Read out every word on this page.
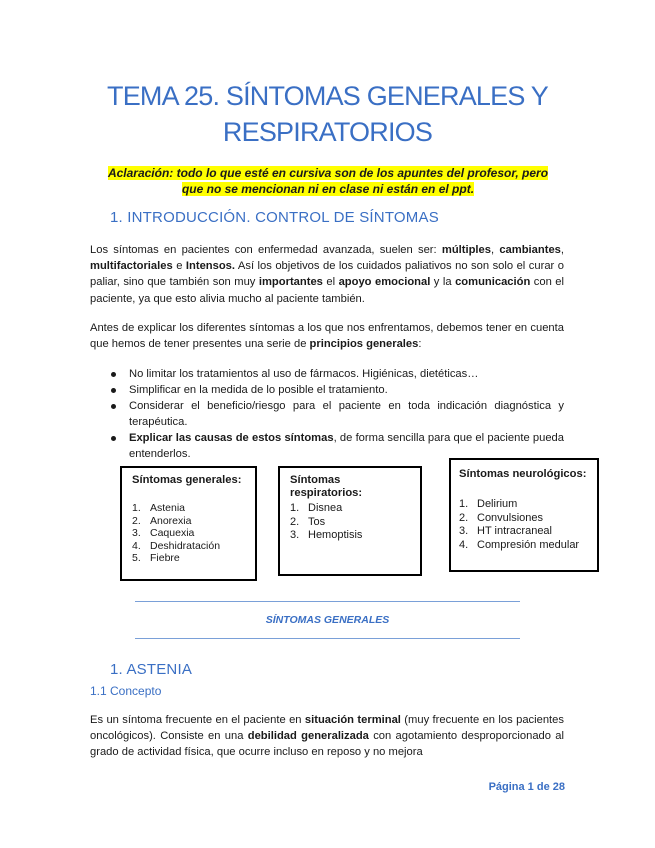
TEMA 25. SÍNTOMAS GENERALES Y
RESPIRATORIOS
Aclaración: todo lo que esté en cursiva son de los apuntes del profesor, pero
que no se mencionan ni en clase ni están en el ppt.
1. INTRODUCCIÓN. CONTROL DE SÍNTOMAS
Los síntomas en pacientes con enfermedad avanzada, suelen ser: múltiples, cambiantes, multifactoriales e Intensos. Así los objetivos de los cuidados paliativos no son solo el curar o paliar, sino que también son muy importantes el apoyo emocional y la comunicación con el paciente, ya que esto alivia mucho al paciente también.
Antes de explicar los diferentes síntomas a los que nos enfrentamos, debemos tener en cuenta que hemos de tener presentes una serie de principios generales:
No limitar los tratamientos al uso de fármacos. Higiénicas, dietéticas…
Simplificar en la medida de lo posible el tratamiento.
Considerar el beneficio/riesgo para el paciente en toda indicación diagnóstica y terapéutica.
Explicar las causas de estos síntomas, de forma sencilla para que el paciente pueda entenderlos.
Síntomas generales:
1. Astenia
2. Anorexia
3. Caquexia
4. Deshidratación
5. Fiebre
Síntomas
respiratorios:
1. Disnea
2. Tos
3. Hemoptisis
Síntomas neurológicos:
1. Delirium
2. Convulsiones
3. HT intracraneal
4. Compresión medular
SÍNTOMAS GENERALES
1. ASTENIA
1.1 Concepto
Es un síntoma frecuente en el paciente en situación terminal (muy frecuente en los pacientes oncológicos). Consiste en una debilidad generalizada con agotamiento desproporcionado al grado de actividad física, que ocurre incluso en reposo y no mejora
Página 1 de 28
